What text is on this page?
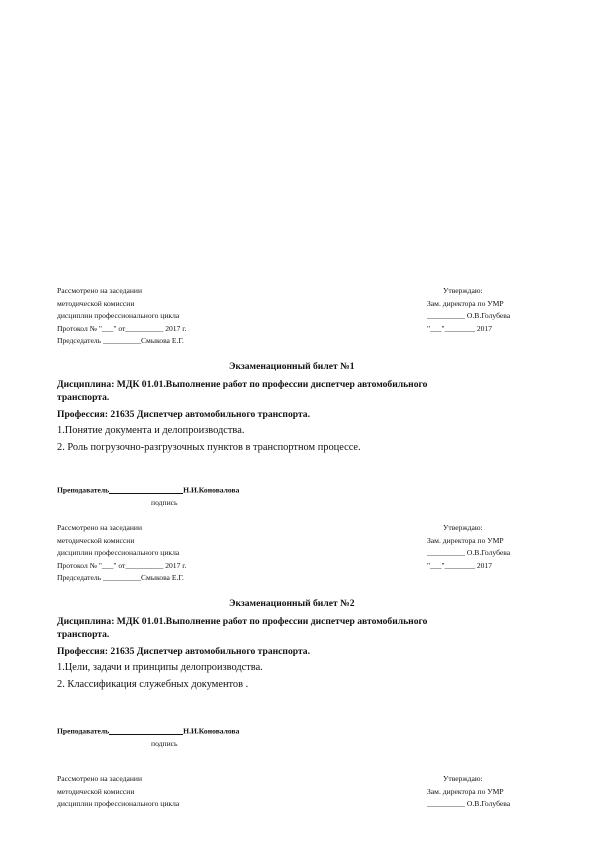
Рассмотрено на заседании
методической комиссии
дисциплин профессионального цикла
Протокол № "___" от__________ 2017 г.
Председатель __________Смыкова Е.Г.
Утверждаю:
Зам. директора по УМР
__________ О.В.Голубева
"___"________ 2017
Экзаменационный билет №1
Дисциплина: МДК 01.01.Выполнение работ по профессии диспетчер автомобильного
транспорта.
Профессия: 21635 Диспетчер автомобильного транспорта.
1.Понятие документа и делопроизводства.
2. Роль погрузочно-разгрузочных пунктов в транспортном процессе.
Преподаватель	Н.И.Коновалова
подпись
Рассмотрено на заседании
методической комиссии
дисциплин профессионального цикла
Протокол № "___" от__________ 2017 г.
Председатель __________Смыкова Е.Г.
Утверждаю:
Зам. директора по УМР
__________ О.В.Голубева
"___"________ 2017
Экзаменационный билет №2
Дисциплина: МДК 01.01.Выполнение работ по профессии диспетчер автомобильного
транспорта.
Профессия: 21635 Диспетчер автомобильного транспорта.
1.Цели, задачи и принципы делопроизводства.
2. Классификация служебных документов .
Преподаватель	Н.И.Коновалова
подпись
Рассмотрено на заседании
методической комиссии
дисциплин профессионального цикла
Утверждаю:
Зам. директора по УМР
__________ О.В.Голубева
